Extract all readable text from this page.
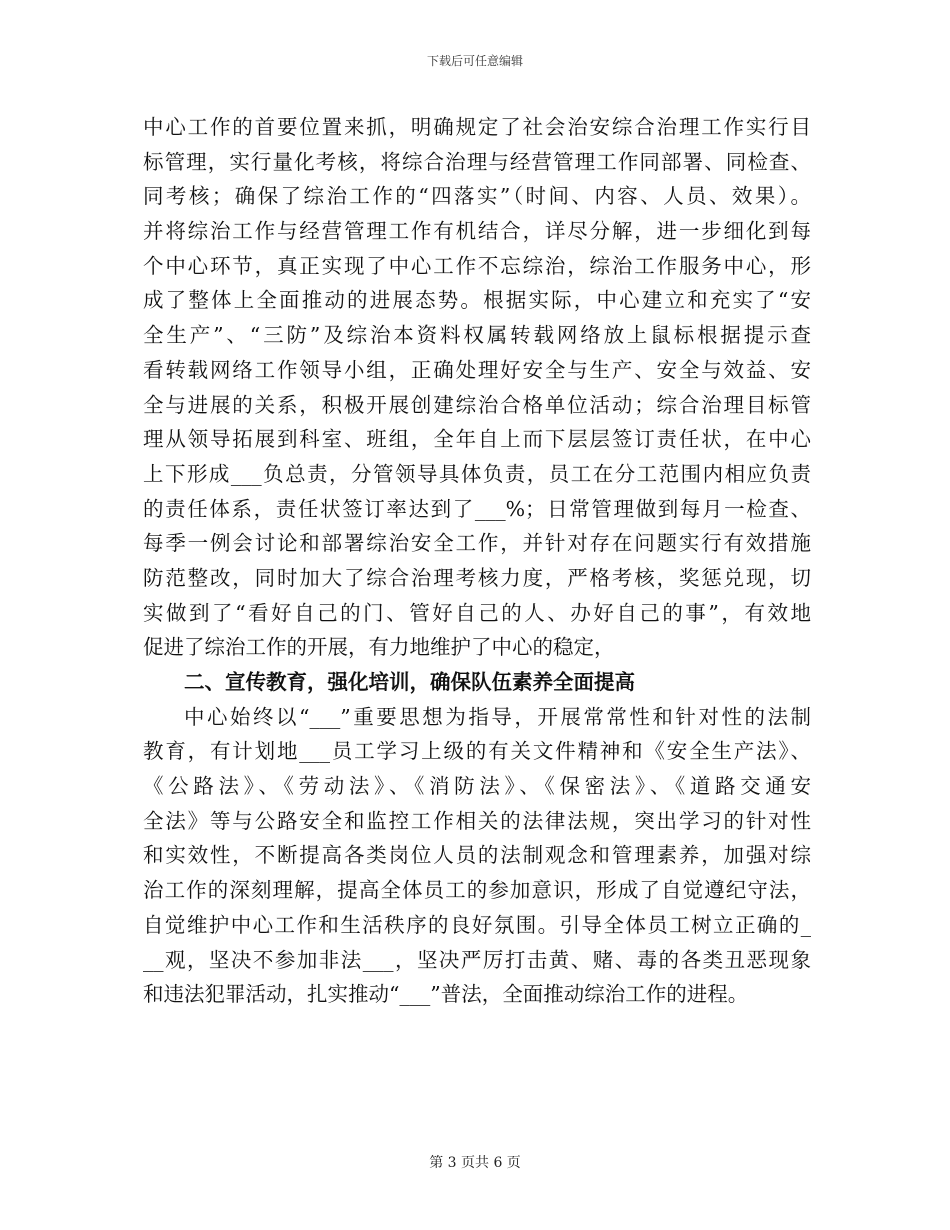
下载后可任意编辑
中心工作的首要位置来抓，明确规定了社会治安综合治理工作实行目
标管理，实行量化考核，将综合治理与经营管理工作同部署、同检查、
同考核；确保了综治工作的“四落实”（时间、内容、人员、效果）。
并将综治工作与经营管理工作有机结合，详尽分解，进一步细化到每
个中心环节，真正实现了中心工作不忘综治，综治工作服务中心，形
成了整体上全面推动的进展态势。根据实际，中心建立和充实了“安
全生产”、“三防”及综治本资料权属转载网络放上鼠标根据提示查
看转载网络工作领导小组，正确处理好安全与生产、安全与效益、安
全与进展的关系，积极开展创建综治合格单位活动；综合治理目标管
理从领导拓展到科室、班组，全年自上而下层层签订责任状，在中心
上下形成___负总责，分管领导具体负责，员工在分工范围内相应负责
的责任体系，责任状签订率达到了___%；日常管理做到每月一检查、
每季一例会讨论和部署综治安全工作，并针对存在问题实行有效措施
防范整改，同时加大了综合治理考核力度，严格考核，奖惩兑现，切
实做到了“看好自己的门、管好自己的人、办好自己的事”，有效地
促进了综治工作的开展，有力地维护了中心的稳定，
二、宣传教育，强化培训，确保队伍素养全面提高
中心始终以“___”重要思想为指导，开展常常性和针对性的法制
教育，有计划地___员工学习上级的有关文件精神和《安全生产法》、
《公路法》、《劳动法》、《消防法》、《保密法》、《道路交通安
全法》等与公路安全和监控工作相关的法律法规，突出学习的针对性
和实效性，不断提高各类岗位人员的法制观念和管理素养，加强对综
治工作的深刻理解，提高全体员工的参加意识，形成了自觉遵纪守法，
自觉维护中心工作和生活秩序的良好氛围。引导全体员工树立正确的_
__观，坚决不参加非法___，坚决严厉打击黄、赌、毒的各类丑恶现象
和违法犯罪活动，扎实推动“___”普法，全面推动综治工作的进程。
第 3 页共 6 页
